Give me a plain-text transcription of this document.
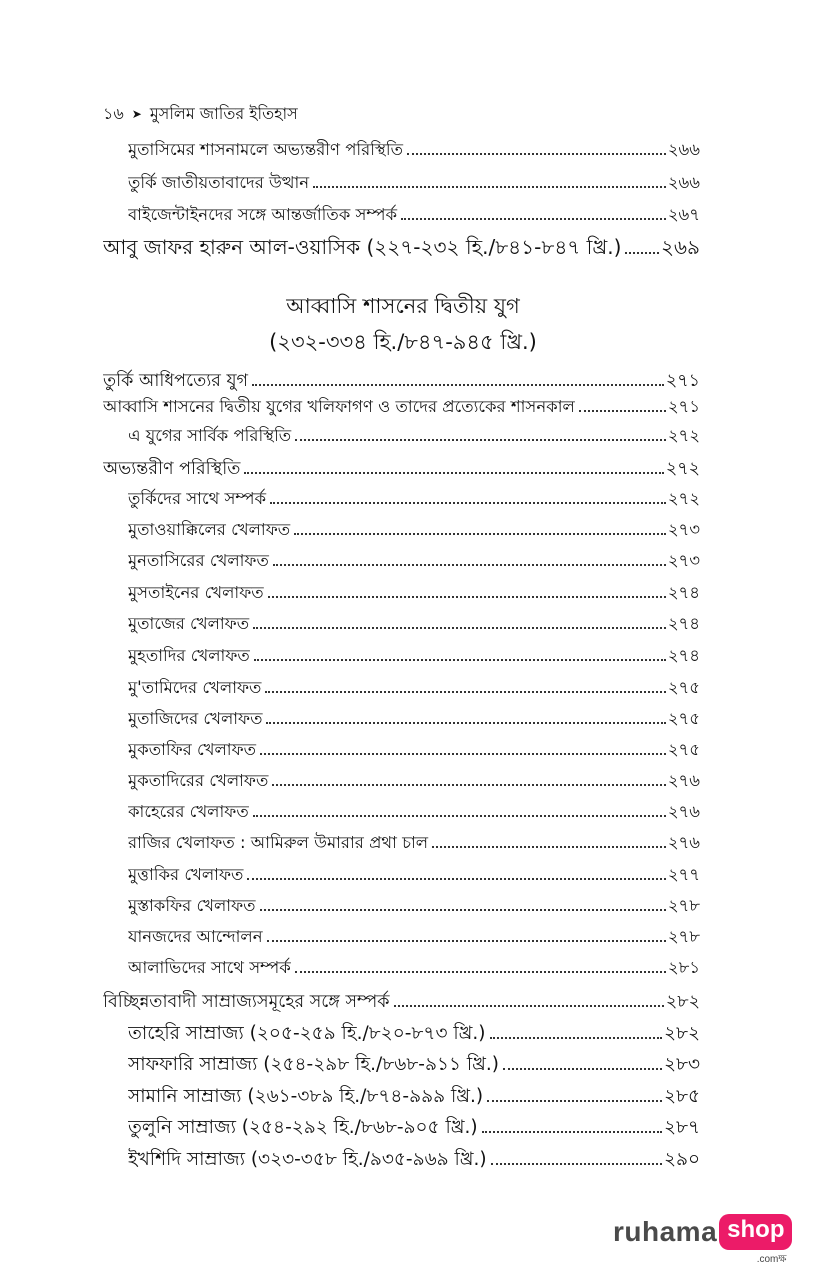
১৬ ➤ মুসলিম জাতির ইতিহাস
মুতাসিমের শাসনামলে অভ্যন্তরীণ পরিস্থিতি	২৬৬
তুর্কি জাতীয়তাবাদের উত্থান	২৬৬
বাইজেন্টাইনদের সঙ্গে আন্তর্জাতিক সম্পর্ক	২৬৭
আবু জাফর হারুন আল-ওয়াসিক (২২৭-২৩২ হি./৮৪১-৮৪৭ খ্রি.) ২৬৯
আব্বাসি শাসনের দ্বিতীয় যুগ
(২৩২-৩৩৪ হি./৮৪৭-৯৪৫ খ্রি.)
তুর্কি আধিপত্যের যুগ	২৭১
আব্বাসি শাসনের দ্বিতীয় যুগের খলিফাগণ ও তাদের প্রত্যেকের শাসনকাল	২৭১
এ যুগের সার্বিক পরিস্থিতি	২৭২
অভ্যন্তরীণ পরিস্থিতি	২৭২
তুর্কিদের সাথে সম্পর্ক	২৭২
মুতাওয়াক্কিলের খেলাফত	২৭৩
মুনতাসিরের খেলাফত	২৭৩
মুসতাইনের খেলাফত	২৭৪
মুতাজের খেলাফত	২৭৪
মুহতাদির খেলাফত	২৭৪
মু'তামিদের খেলাফত	২৭৫
মুতাজিদের খেলাফত	২৭৫
মুকতাফির খেলাফত	২৭৫
মুকতাদিরের খেলাফত	২৭৬
কাহেরের খেলাফত	২৭৬
রাজির খেলাফত : আমিরুল উমারার প্রথা চাল	২৭৬
মুত্তাকির খেলাফত	২৭৭
মুস্তাকফির খেলাফত	২৭৮
যানজদের আন্দোলন	২৭৮
আলাভিদের সাথে সম্পর্ক	২৮১
বিচ্ছিন্নতাবাদী সাম্রাজ্যসমূহের সঙ্গে সম্পর্ক	২৮২
তাহেরি সাম্রাজ্য (২০৫-২৫৯ হি./৮২০-৮৭৩ খ্রি.)	২৮২
সাফফারি সাম্রাজ্য (২৫৪-২৯৮ হি./৮৬৮-৯১১ খ্রি.)	২৮৩
সামানি সাম্রাজ্য (২৬১-৩৮৯ হি./৮৭৪-৯৯৯ খ্রি.)	২৮৫
তুলুনি সাম্রাজ্য (২৫৪-২৯২ হি./৮৬৮-৯০৫ খ্রি.)	২৮৭
ইখশিদি সাম্রাজ্য (৩২৩-৩৫৮ হি./৯৩৫-৯৬৯ খ্রি.)	২৯০
ruhama shop
.comক্ষ
